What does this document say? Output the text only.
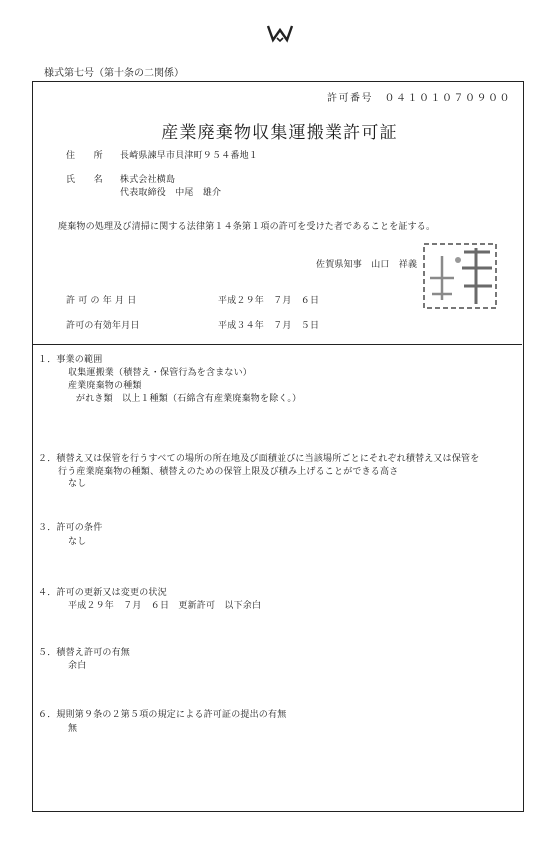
様式第七号（第十条の二関係）
許可番号　０４１０１０７０９００
産業廃棄物収集運搬業許可証
住　　所 長崎県諫早市貝津町９５４番地１
氏　　名 株式会社横島
代表取締役　中尾　雄介
廃棄物の処理及び清掃に関する法律第１４条第１項の許可を受けた者であることを証する。
佐賀県知事　山口　祥義
許 可 の 年 月 日	平成２９年　７月　６日
許可の有効年月日	平成３４年　７月　５日
１．事業の範囲
収集運搬業（積替え・保管行為を含まない）
産業廃棄物の種類
がれき類　以上１種類（石綿含有産業廃棄物を除く。）
２．積替え又は保管を行うすべての場所の所在地及び面積並びに当該場所ごとにそれぞれ積替え又は保管を
行う産業廃棄物の種類、積替えのための保管上限及び積み上げることができる高さ
なし
３．許可の条件
なし
４．許可の更新又は変更の状況
平成２９年　７月　６日　更新許可　以下余白
５．積替え許可の有無
余白
６．規則第９条の２第５項の規定による許可証の提出の有無
無
